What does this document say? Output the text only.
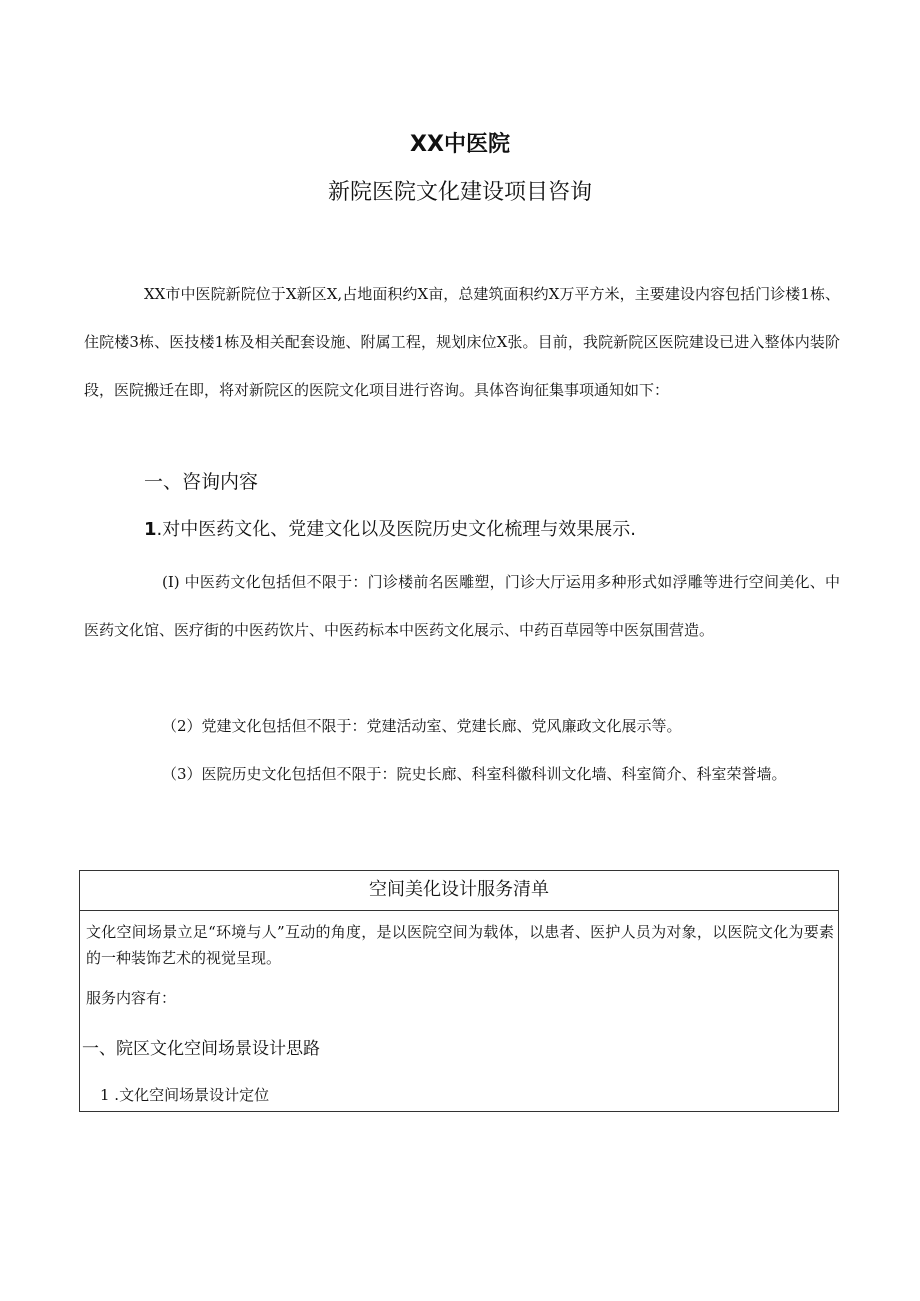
XX中医院
新院医院文化建设项目咨询

XX市中医院新院位于X新区X,占地面积约X亩，总建筑面积约X万平方米，主要建设内容包括门诊楼1栋、住院楼3栋、医技楼1栋及相关配套设施、附属工程，规划床位X张。目前，我院新院区医院建设已进入整体内装阶段，医院搬迁在即，将对新院区的医院文化项目进行咨询。具体咨询征集事项通知如下：

一、咨询内容
1.对中医药文化、党建文化以及医院历史文化梳理与效果展示.

(I) 中医药文化包括但不限于：门诊楼前名医雕塑，门诊大厅运用多种形式如浮雕等进行空间美化、中医药文化馆、医疗街的中医药饮片、中医药标本中医药文化展示、中药百草园等中医氛围营造。

（2）党建文化包括但不限于：党建活动室、党建长廊、党风廉政文化展示等。

（3）医院历史文化包括但不限于：院史长廊、科室科徽科训文化墙、科室简介、科室荣誉墙。

空间美化设计服务清单

文化空间场景立足“环境与人”互动的角度，是以医院空间为载体，以患者、医护人员为对象，以医院文化为要素的一种装饰艺术的视觉呈现。

服务内容有：
一、院区文化空间场景设计思路
1 .文化空间场景设计定位
